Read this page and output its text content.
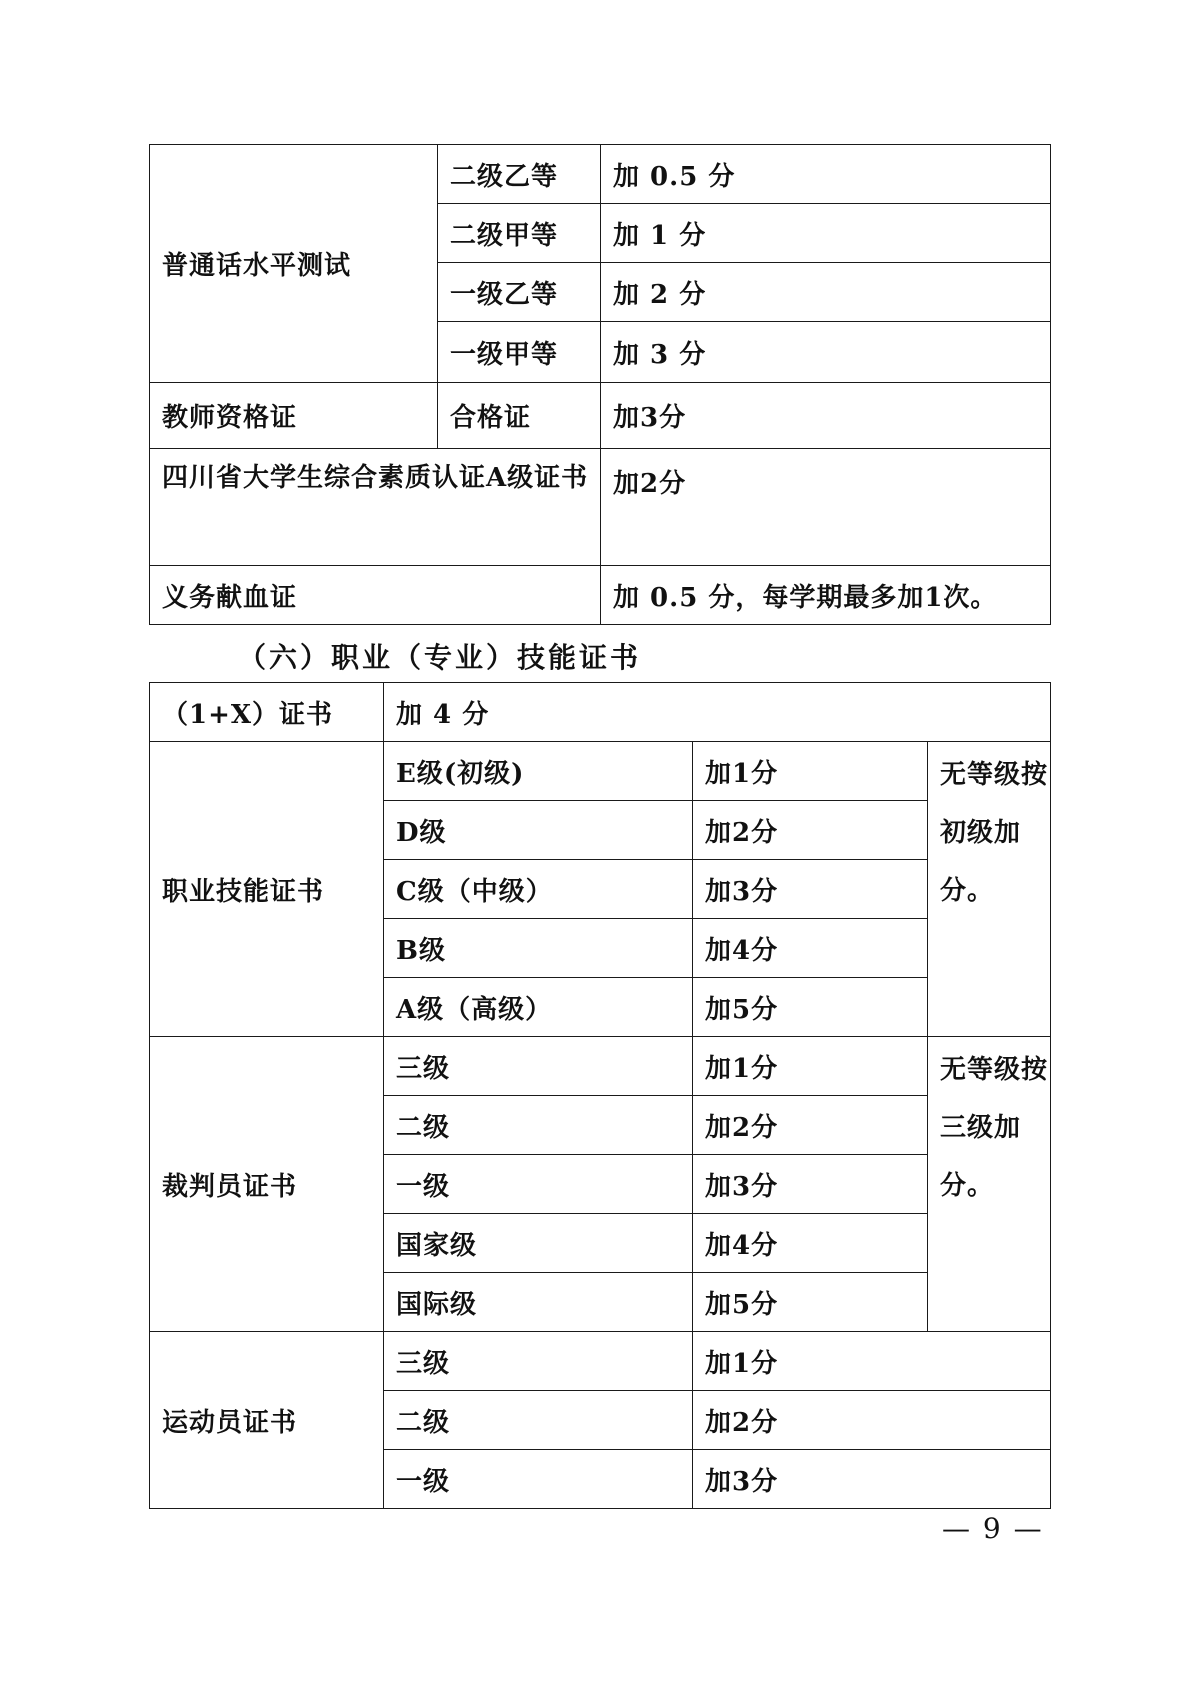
普通话水平测试	二级乙等	加 0.5 分
	二级甲等	加 1 分
	一级乙等	加 2 分
	一级甲等	加 3 分
教师资格证	合格证	加3分
四川省大学生综合素质认证A级证书		加2分
义务献血证		加 0.5 分，每学期最多加1次。
（六）职业（专业）技能证书
（1+X）证书	加 4 分
职业技能证书	E级(初级)	加1分	无等级按初级加分。
	D级	加2分	
	C级（中级）	加3分	
	B级	加4分	
	A级（高级）	加5分	
裁判员证书	三级	加1分	无等级按三级加分。
	二级	加2分	
	一级	加3分	
	国家级	加4分	
	国际级	加5分	
运动员证书	三级	加1分	
	二级	加2分	
	一级	加3分	
— 9 —
